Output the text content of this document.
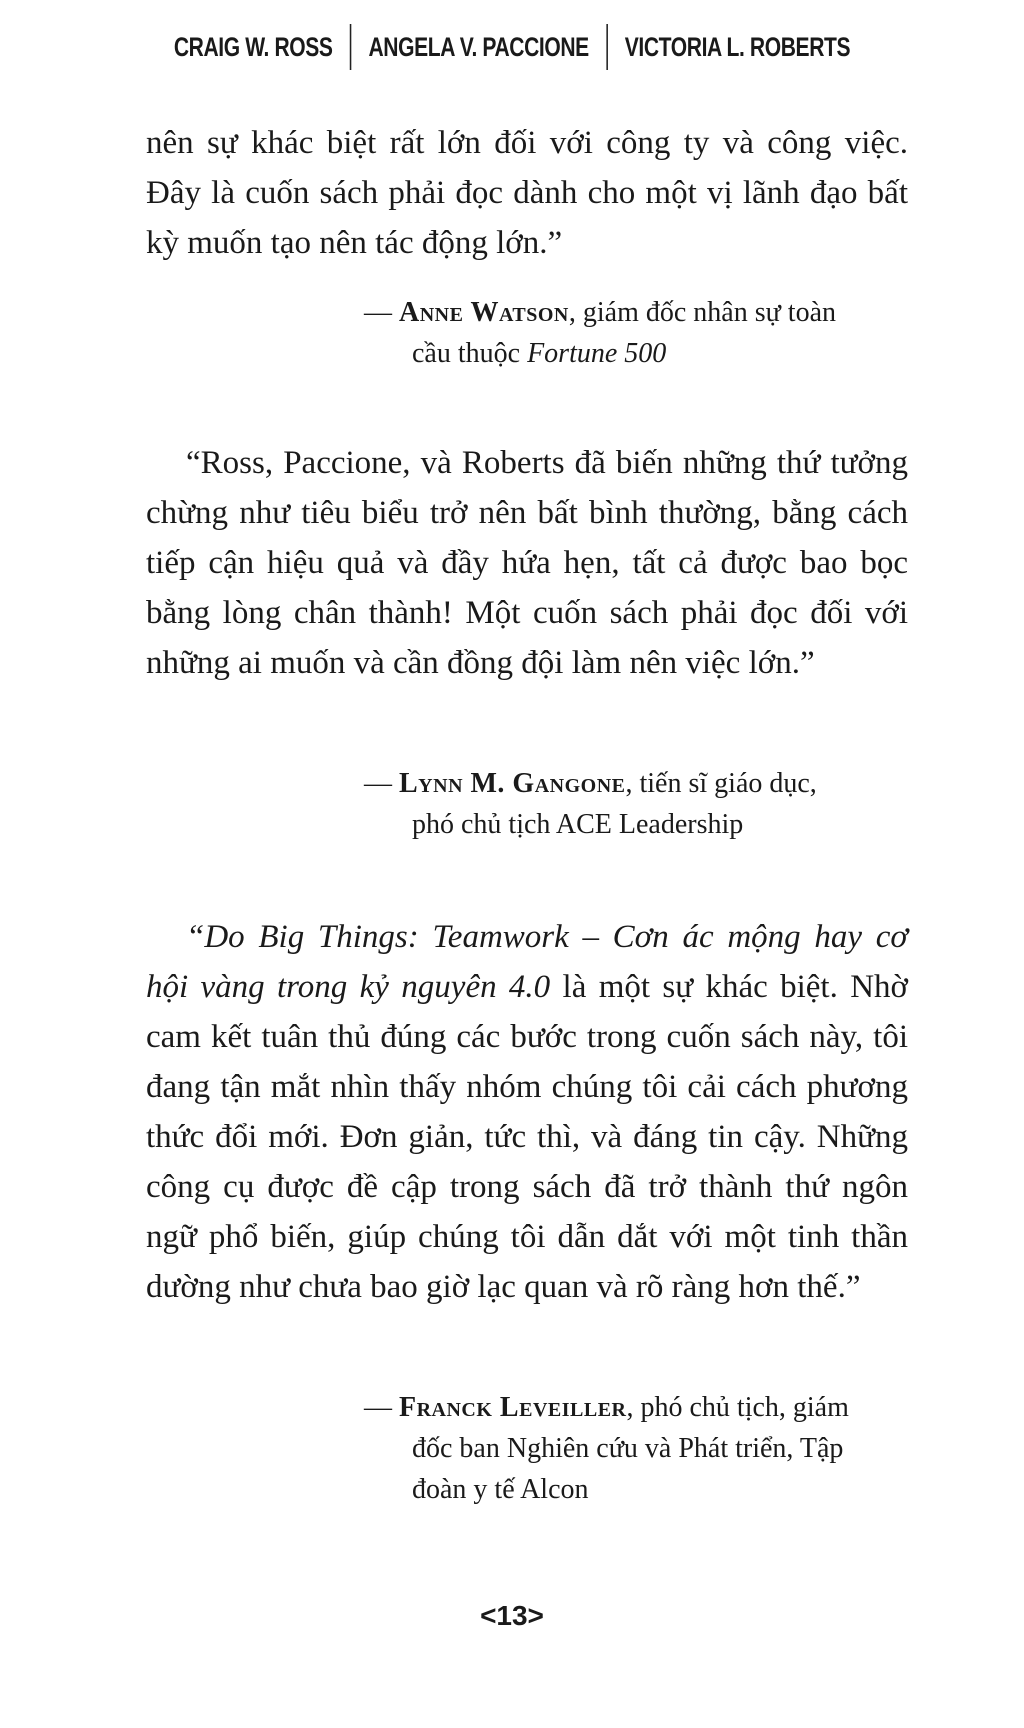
CRAIG W. ROSS	ANGELA V. PACCIONE	VICTORIA L. ROBERTS

nên sự khác biệt rất lớn đối với công ty và công việc. Đây là cuốn sách phải đọc dành cho một vị lãnh đạo bất kỳ muốn tạo nên tác động lớn.”

— Anne Watson, giám đốc nhân sự toàn
cầu thuộc Fortune 500

“Ross, Paccione, và Roberts đã biến những thứ tưởng chừng như tiêu biểu trở nên bất bình thường, bằng cách tiếp cận hiệu quả và đầy hứa hẹn, tất cả được bao bọc bằng lòng chân thành! Một cuốn sách phải đọc đối với những ai muốn và cần đồng đội làm nên việc lớn.”

— Lynn M. Gangone, tiến sĩ giáo dục,
phó chủ tịch ACE Leadership

“Do Big Things: Teamwork – Cơn ác mộng hay cơ hội vàng trong kỷ nguyên 4.0 là một sự khác biệt. Nhờ cam kết tuân thủ đúng các bước trong cuốn sách này, tôi đang tận mắt nhìn thấy nhóm chúng tôi cải cách phương thức đổi mới. Đơn giản, tức thì, và đáng tin cậy. Những công cụ được đề cập trong sách đã trở thành thứ ngôn ngữ phổ biến, giúp chúng tôi dẫn dắt với một tinh thần dường như chưa bao giờ lạc quan và rõ ràng hơn thế.”

— Franck Leveiller, phó chủ tịch, giám
đốc ban Nghiên cứu và Phát triển, Tập
đoàn y tế Alcon
<13>
